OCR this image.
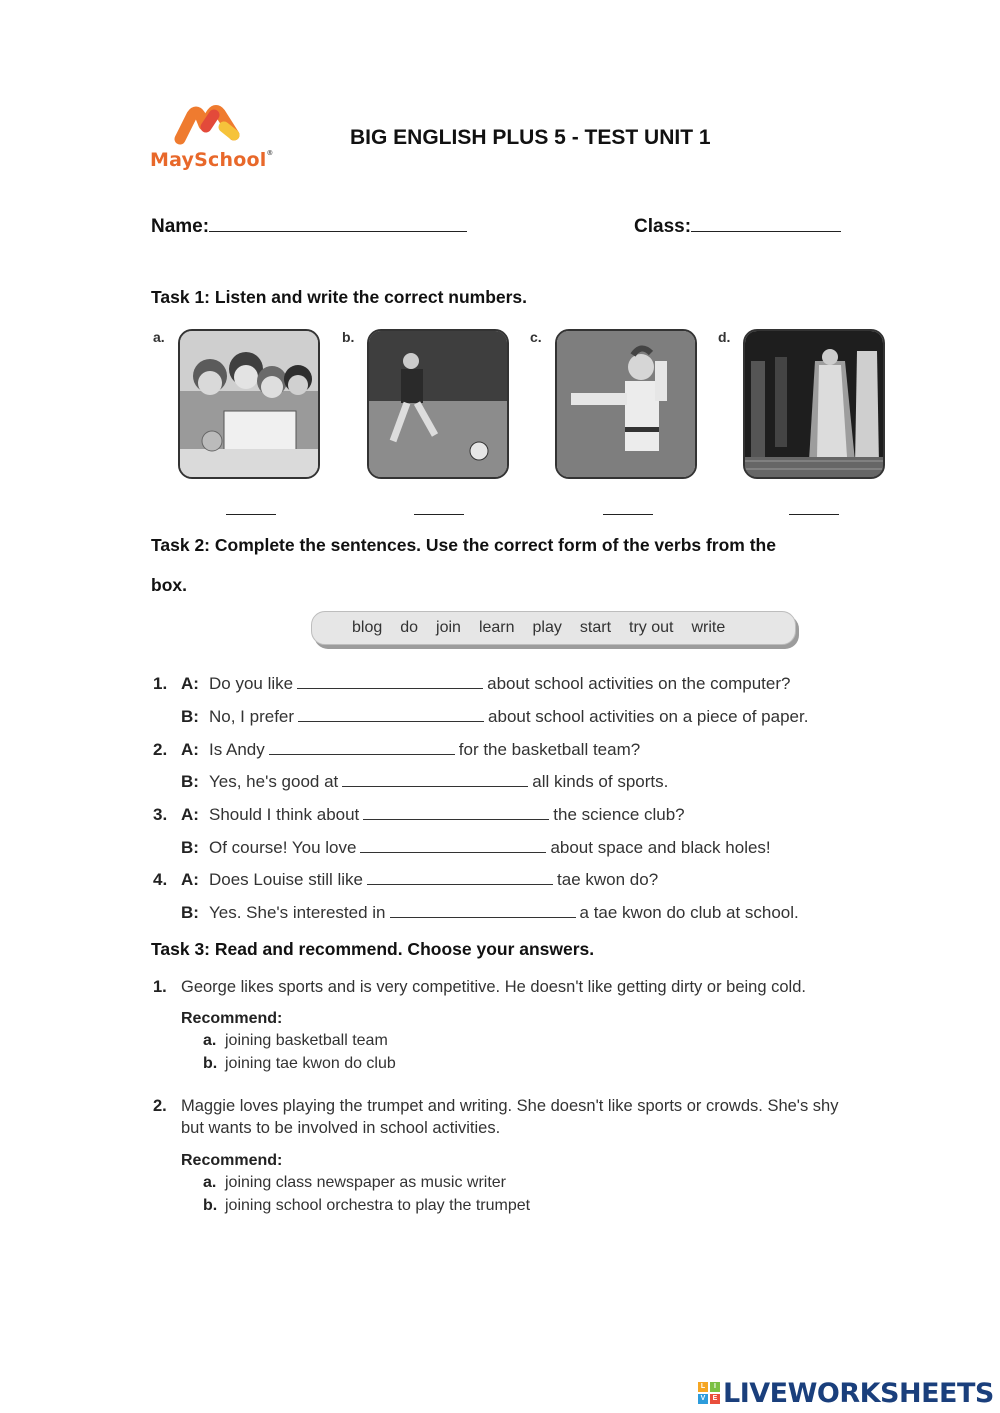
MaySchool®
BIG ENGLISH PLUS 5 - TEST UNIT 1
Name:	Class:
Task 1: Listen and write the correct numbers.
a.	b.	c.	d.
Task 2: Complete the sentences. Use the correct form of the verbs from the
box.
blog do join learn play start try out write
1. A: Do you like	about school activities on the computer?
B: No, I prefer	about school activities on a piece of paper.
2. A: Is Andy	for the basketball team?
B: Yes, he's good at	all kinds of sports.
3. A: Should I think about	the science club?
B: Of course! You love	about space and black holes!
4. A: Does Louise still like	tae kwon do?
B: Yes. She's interested in	a tae kwon do club at school.
Task 3: Read and recommend. Choose your answers.
1. George likes sports and is very competitive. He doesn't like getting dirty or being cold.
Recommend:
a. joining basketball team
b. joining tae kwon do club
2. Maggie loves playing the trumpet and writing. She doesn't like sports or crowds. She's shy
but wants to be involved in school activities.
Recommend:
a. joining class newspaper as music writer
b. joining school orchestra to play the trumpet
L	I
V	E LIVEWORKSHEETS
